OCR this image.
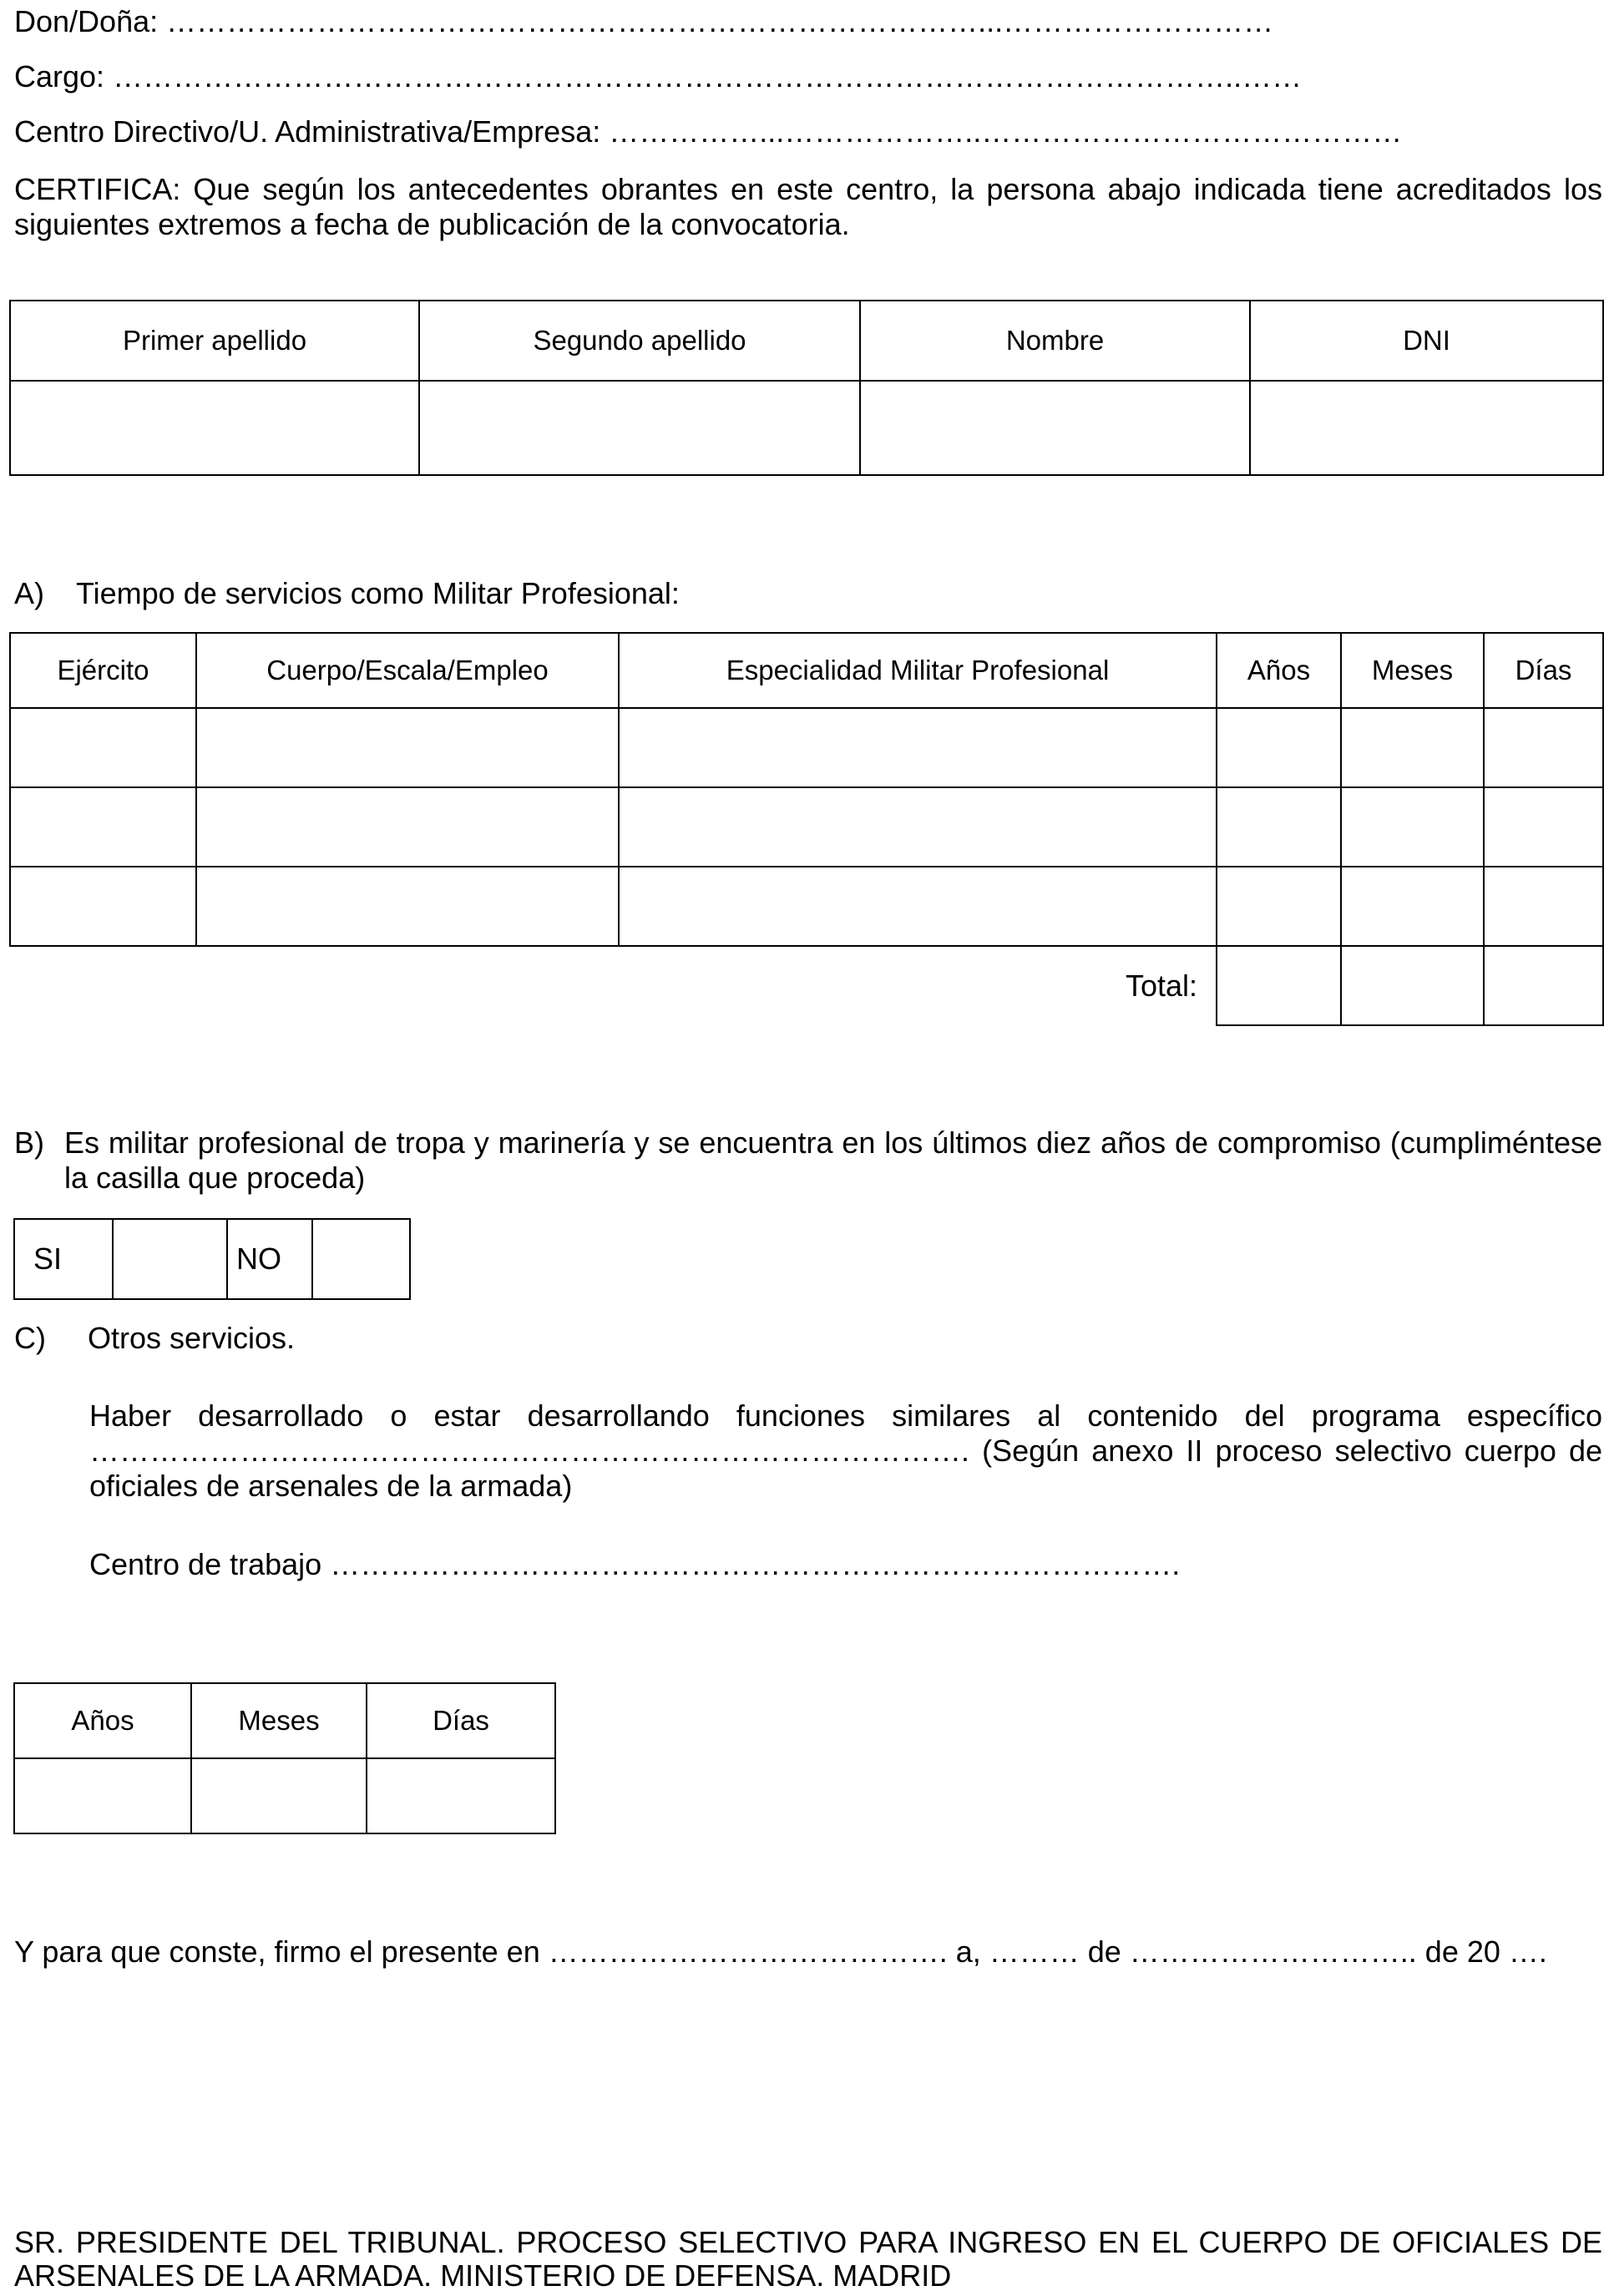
Don/Doña: ………………………………………………………………………...………………………
Cargo: …………………………………………………………………………………………………..……
Centro Directivo/U. Administrativa/Empresa: ……………...………………..……………………………………
CERTIFICA: Que según los antecedentes obrantes en este centro, la persona abajo indicada tiene acreditados los siguientes extremos a fecha de publicación de la convocatoria.
Primer apellido	Segundo apellido	Nombre	DNI

A) Tiempo de servicios como Militar Profesional:
Ejército	Cuerpo/Escala/Empleo	Especialidad Militar Profesional	Años	Meses	Días

Total:					
B) Es militar profesional de tropa y marinería y se encuentra en los últimos diez años de compromiso (cumpliméntese la casilla que proceda)
SI		NO	
C) Otros servicios.
Haber desarrollado o estar desarrollando funciones similares al contenido del programa específico ……………………………………………………………………………. (Según anexo II proceso selectivo cuerpo de oficiales de arsenales de la armada)
Centro de trabajo ………………………………………………………………………….
Años	Meses	Días

Y para que conste, firmo el presente en …………………………………. a, ……… de ……………………….. de 20 ….
SR. PRESIDENTE DEL TRIBUNAL. PROCESO SELECTIVO PARA INGRESO EN EL CUERPO DE OFICIALES DE ARSENALES DE LA ARMADA. MINISTERIO DE DEFENSA. MADRID
